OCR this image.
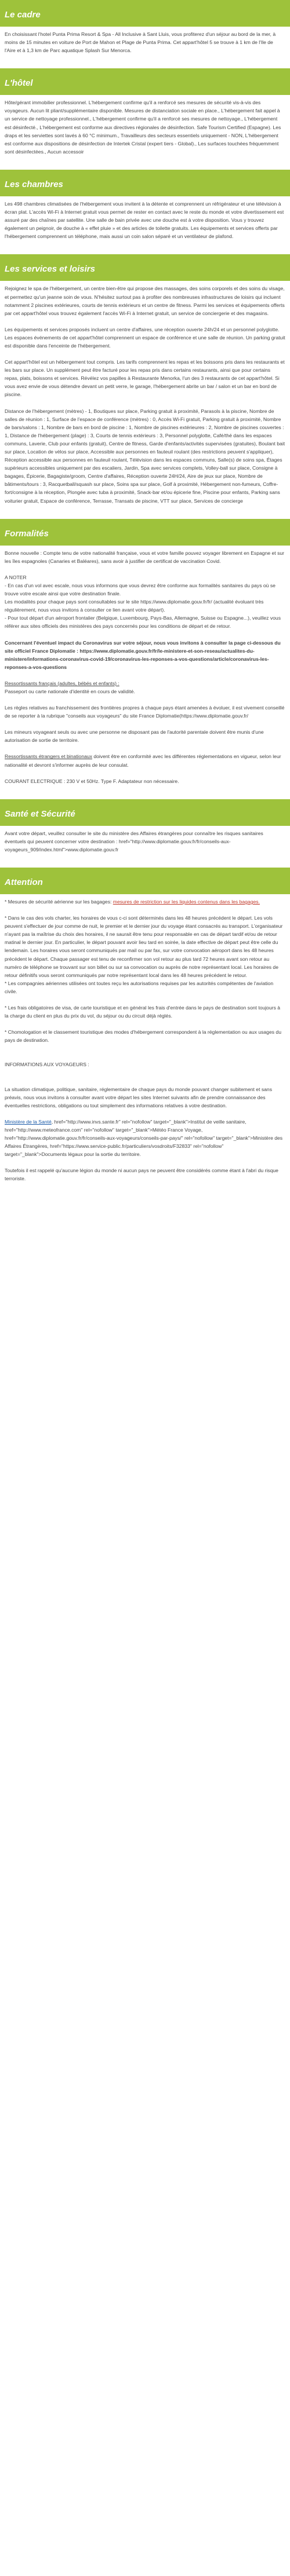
Le cadre

En choisissant l'hotel Punta Prima Resort & Spa - All Inclusive à Sant Lluis, vous profiterez d'un séjour au bord de la mer, à moins de 15 minutes en voiture de Port de Mahon et Plage de Punta Prima. Cet appart'hôtel 5 se trouve à 1 km de l'Ile de l'Aire et à 1,3 km de Parc aquatique Splash Sur Menorca.

L'hôtel

Hôte/gérant immobilier professionnel. L'hébergement confirme qu'il a renforcé ses mesures de sécurité vis-à-vis des voyageurs. Aucun lit pliant/supplémentaire disponible. Mesures de distanciation sociale en place., L'hébergement fait appel à un service de nettoyage professionnel., L'hébergement confirme qu'il a renforcé ses mesures de nettoyage., L'hébergement est désinfecté., L'hébergement est conforme aux directives régionales de désinfection. Safe Tourism Certified (Espagne). Les draps et les serviettes sont lavés à 60 °C minimum., Travailleurs des secteurs essentiels uniquement - NON, L'hébergement est conforme aux dispositions de désinfection de Intertek Cristal (expert tiers - Global)., Les surfaces touchées fréquemment sont désinfectées., Aucun accessoir

Les chambres

Les 498 chambres climatisées de l'hébergement vous invitent à la détente et comprennent un réfrigérateur et une télévision à écran plat. L'accès Wi-Fi à Internet gratuit vous permet de rester en contact avec le reste du monde et votre divertissement est assuré par des chaînes par satellite. Une salle de bain privée avec une douche est à votre disposition. Vous y trouvez également un peignoir, de douche à « effet pluie » et des articles de toilette gratuits. Les équipements et services offerts par l'hébergement comprennent un téléphone, mais aussi un coin salon séparé et un ventilateur de plafond.

Les services et loisirs

Rejoignez le spa de l'hébergement, un centre bien-être qui propose des massages, des soins corporels et des soins du visage, et permettez qu'un jeanne soin de vous. N'hésitez surtout pas à profiter des nombreuses infrastructures de loisirs qui incluent notamment 2 piscines extérieures, courts de tennis extérieurs et un centre de fitness. Parmi les services et équipements offerts par cet appart'hôtel vous trouvez également l'accès Wi-Fi à Internet gratuit, un service de conciergerie et des magasins.

Les équipements et services proposés incluent un centre d'affaires, une réception ouverte 24h/24 et un personnel polyglotte. Les espaces événements de cet appart'hôtel comprennent un espace de conférence et une salle de réunion. Un parking gratuit est disponible dans l'enceinte de l'hébergement.

Cet appart'hôtel est un hébergement tout compris. Les tarifs comprennent les repas et les boissons pris dans les restaurants et les bars sur place. Un supplément peut être facturé pour les repas pris dans certains restaurants, ainsi que pour certains repas, plats, boissons et services. Révélez vos papilles à Restaurante Menorka, l'un des 3 restaurants de cet appart'hôtel. Si vous avez envie de vous détendre devant un petit verre, le garage, l'hébergement abrite un bar / salon et un bar en bord de piscine.

Distance de l'hébergement (mètres) - 1, Boutiques sur place, Parking gratuit à proximité, Parasols à la piscine, Nombre de salles de réunion : 1, Surface de l'espace de conférence (mètres) : 0, Accès Wi-Fi gratuit, Parking gratuit à proximité, Nombre de bars/salons : 1, Nombre de bars en bord de piscine : 1, Nombre de piscines extérieures : 2, Nombre de piscines couvertes : 1, Distance de l'hébergement (plage) : 3, Courts de tennis extérieurs : 3, Personnel polyglotte, Café/thé dans les espaces communs, Laverie, Club pour enfants (gratuit), Centre de fitness, Garde d'enfants/activités supervisées (gratuites), Boulant bait sur place, Location de vélos sur place, Accessible aux personnes en fauteuil roulant (des restrictions peuvent s'appliquer), Réception accessible aux personnes en fauteuil roulant, Télévision dans les espaces communs, Salle(s) de soins spa, Étages supérieurs accessibles uniquement par des escaliers, Jardin, Spa avec services complets, Volley-ball sur place, Consigne à bagages, Épicerie, Bagagiste/groom, Centre d'affaires, Réception ouverte 24H/24, Aire de jeux sur place, Nombre de bâtiments/tours : 3, Racquetball/squash sur place, Soins spa sur place, Golf à proximité, Hébergement non-fumeurs, Coffre-fort/consigne à la réception, Plongée avec tuba à proximité, Snack-bar et/ou épicerie fine, Piscine pour enfants, Parking sans voiturier gratuit, Espace de conférence, Terrasse, Transats de piscine, VTT sur place, Services de concierge

Formalités

Bonne nouvelle : Compte tenu de votre nationalité française, vous et votre famille pouvez voyager librement en Espagne et sur les îles espagnoles (Canaries et Baléares), sans avoir à justifier de certificat de vaccination Covid.

A NOTER
- En cas d'un vol avec escale, nous vous informons que vous devrez être conforme aux formalités sanitaires du pays où se trouve votre escale ainsi que votre destination finale.
Les modalités pour chaque pays sont consultables sur le site https://www.diplomatie.gouv.fr/fr/ (actualité évoluant très régulièrement, nous vous invitons à consulter ce lien avant votre départ).
- Pour tout départ d'un aéroport frontalier (Belgique, Luxembourg, Pays-Bas, Allemagne, Suisse ou Espagne...), veuillez vous référer aux sites officiels des ministères des pays concernés pour les conditions de départ et de retour.

Concernant l'éventuel impact du Coronavirus sur votre séjour, nous vous invitons à consulter la page ci-dessous du site officiel France Diplomatie : https://www.diplomatie.gouv.fr/fr/le-ministere-et-son-reseau/actualites-du-ministere/informations-coronavirus-covid-19/coronavirus-les-reponses-a-vos-questions/article/coronavirus-les-reponses-a-vos-questions

Ressortissants français (adultes, bébés et enfants) :
Passeport ou carte nationale d'identité en cours de validité.

Les règles relatives au franchissement des frontières propres à chaque pays étant amenées à évoluer, il est vivement conseillé de se reporter à la rubrique "conseils aux voyageurs" du site France Diplomatie(https://www.diplomatie.gouv.fr/

Les mineurs voyageant seuls ou avec une personne ne disposant pas de l'autorité parentale doivent être munis d'une autorisation de sortie de territoire.

Ressortissants étrangers et binationaux doivent être en conformité avec les différentes réglementations en vigueur, selon leur nationalité et devront s'informer auprès de leur consulat.

COURANT ELECTRIQUE : 230 V et 50Hz. Type F. Adaptateur non nécessaire.

Santé et Sécurité

Avant votre départ, veuillez consulter le site du ministère des Affaires étrangères pour connaître les risques sanitaires éventuels qui peuvent concerner votre destination : href="http://www.diplomatie.gouv.fr/fr/conseils-aux-voyageurs_909/index.html">www.diplomatie.gouv.fr

Attention

* Mesures de sécurité aérienne sur les bagages: mesures de restriction sur les liquides contenus dans les bagages.

* Dans le cas des vols charter, les horaires de vous c-ci sont déterminés dans les 48 heures précédent le départ. Les vols peuvent s'effectuer de jour comme de nuit, le premier et le dernier jour du voyage étant consacrés au transport. L'organisateur n'ayant pas la maîtrise du choix des horaires, il ne saurait être tenu pour responsable en cas de départ tardif et/ou de retour matinal le dernier jour. En particulier, le départ pouvant avoir lieu tard en soirée, la date effective de départ peut être celle du lendemain. Les horaires vous seront communiqués par mail ou par fax, sur votre convocation aéroport dans les 48 heures précédent le départ. Chaque passager est tenu de reconfirmer son vol retour au plus tard 72 heures avant son retour au numéro de téléphone se trouvant sur son billet ou sur sa convocation ou auprès de notre représentant local. Les horaires de retour définitifs vous seront communiqués par notre représentant local dans les 48 heures précédent le retour.
* Les compagnies aériennes utilisées ont toutes reçu les autorisations requises par les autorités compétentes de l'aviation civile.

* Les frais obligatoires de visa, de carte touristique et en général les frais d'entrée dans le pays de destination sont toujours à la charge du client en plus du prix du vol, du séjour ou du circuit déjà réglés.

* Chomologation et le classement touristique des modes d'hébergement correspondent à la réglementation ou aux usages du pays de destination.

INFORMATIONS AUX VOYAGEURS :

La situation climatique, politique, sanitaire, réglementaire de chaque pays du monde pouvant changer subitement et sans préavis, nous vous invitons à consulter avant votre départ les sites Internet suivants afin de prendre connaissance des éventuelles restrictions, obligations ou tout simplement des informations relatives à votre destination.

Ministère de la Santé, href="http://www.invs.sante.fr" rel="nofollow" target="_blank">Institut de veille sanitaire, href="http://www.meteofrance.com" rel="nofollow" target="_blank">Météo France Voyage, href="http://www.diplomatie.gouv.fr/fr/conseils-aux-voyageurs/conseils-par-pays/" rel="nofollow" target="_blank">Ministère des Affaires Étrangères, href="https://www.service-public.fr/particuliers/vosdroits/F32833" rel="nofollow" target="_blank">Documents légaux pour la sortie du territoire.

Toutefois il est rappelé qu'aucune légion du monde ni aucun pays ne peuvent être considérés comme étant à l'abri du risque terroriste.
